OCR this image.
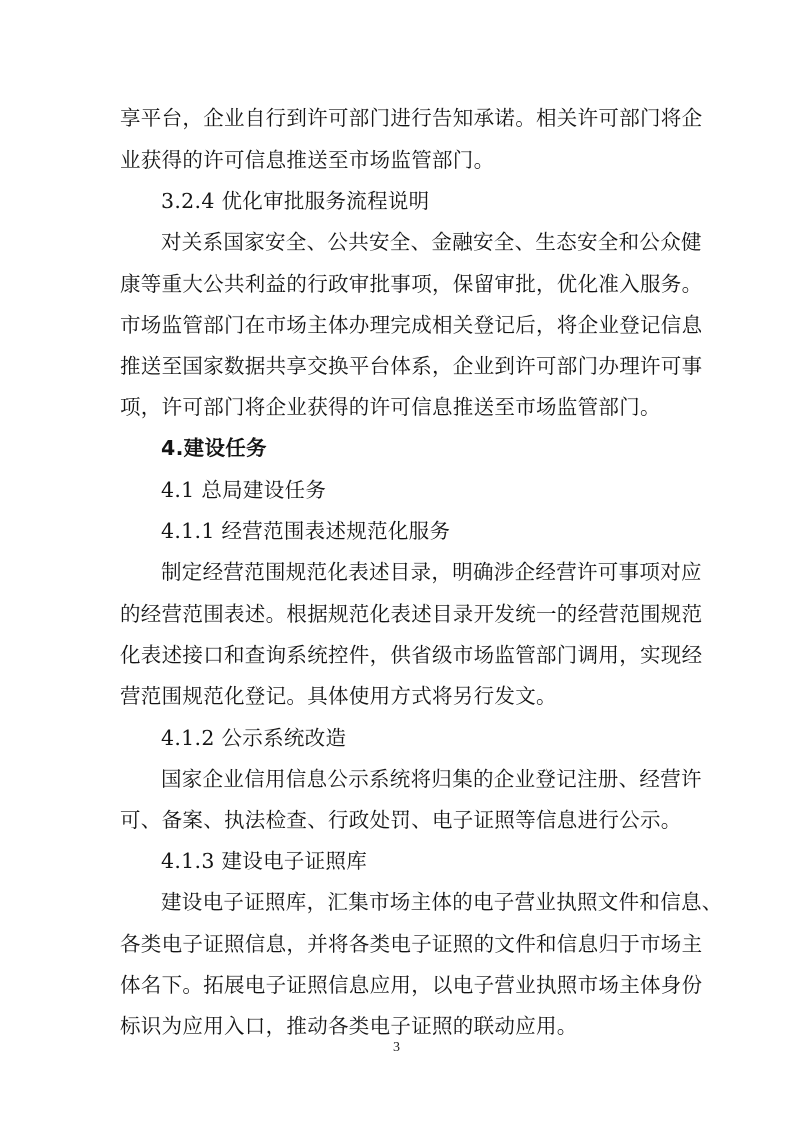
享平台，企业自行到许可部门进行告知承诺。相关许可部门将企
业获得的许可信息推送至市场监管部门。
3.2.4 优化审批服务流程说明
对关系国家安全、公共安全、金融安全、生态安全和公众健
康等重大公共利益的行政审批事项，保留审批，优化准入服务。
市场监管部门在市场主体办理完成相关登记后，将企业登记信息
推送至国家数据共享交换平台体系，企业到许可部门办理许可事
项，许可部门将企业获得的许可信息推送至市场监管部门。
4.建设任务
4.1 总局建设任务
4.1.1 经营范围表述规范化服务
制定经营范围规范化表述目录，明确涉企经营许可事项对应
的经营范围表述。根据规范化表述目录开发统一的经营范围规范
化表述接口和查询系统控件，供省级市场监管部门调用，实现经
营范围规范化登记。具体使用方式将另行发文。
4.1.2 公示系统改造
国家企业信用信息公示系统将归集的企业登记注册、经营许
可、备案、执法检查、行政处罚、电子证照等信息进行公示。
4.1.3 建设电子证照库
建设电子证照库，汇集市场主体的电子营业执照文件和信息、
各类电子证照信息，并将各类电子证照的文件和信息归于市场主
体名下。拓展电子证照信息应用，以电子营业执照市场主体身份
标识为应用入口，推动各类电子证照的联动应用。
3
